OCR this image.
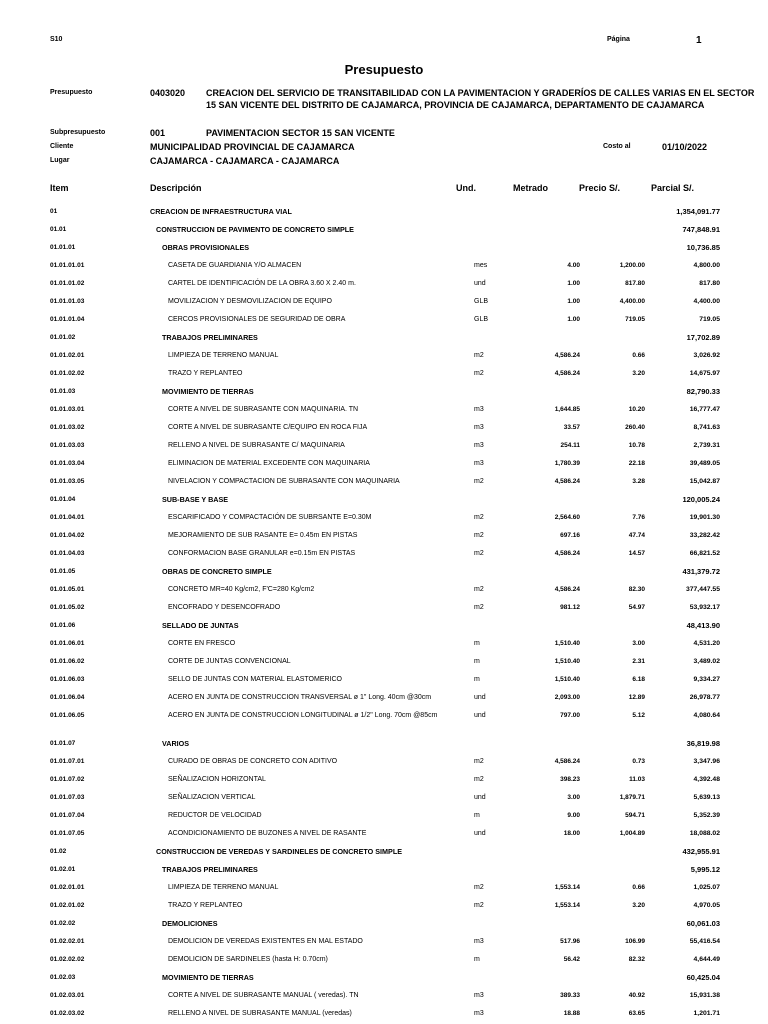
S10	Página	1
Presupuesto
Presupuesto	0403020 CREACION DEL SERVICIO DE TRANSITABILIDAD CON LA PAVIMENTACION Y GRADERÍOS DE CALLES VARIAS EN EL SECTOR
15 SAN VICENTE DEL DISTRITO DE CAJAMARCA, PROVINCIA DE CAJAMARCA, DEPARTAMENTO DE CAJAMARCA
Subpresupuesto	001	PAVIMENTACION SECTOR 15 SAN VICENTE
Cliente	MUNICIPALIDAD PROVINCIAL DE CAJAMARCA	Costo al	01/10/2022
Lugar	CAJAMARCA - CAJAMARCA - CAJAMARCA
Item	Descripción	Und.	Metrado	Precio S/.	Parcial S/.
01	CREACION DE INFRAESTRUCTURA VIAL				1,354,091.77
01.01	CONSTRUCCION DE PAVIMENTO DE CONCRETO SIMPLE				747,848.91
01.01.01	OBRAS PROVISIONALES				10,736.85
01.01.01.01	CASETA DE GUARDIANIA Y/O ALMACEN	mes	4.00	1,200.00	4,800.00
01.01.01.02	CARTEL DE IDENTIFICACIÓN DE LA OBRA 3.60 X 2.40 m.	und	1.00	817.80	817.80
01.01.01.03	MOVILIZACION Y DESMOVILIZACION DE EQUIPO	GLB	1.00	4,400.00	4,400.00
01.01.01.04	CERCOS PROVISIONALES DE SEGURIDAD DE OBRA	GLB	1.00	719.05	719.05
01.01.02	TRABAJOS PRELIMINARES				17,702.89
01.01.02.01	LIMPIEZA DE TERRENO MANUAL	m2	4,586.24	0.66	3,026.92
01.01.02.02	TRAZO Y REPLANTEO	m2	4,586.24	3.20	14,675.97
01.01.03	MOVIMIENTO DE TIERRAS				82,790.33
01.01.03.01	CORTE A NIVEL DE SUBRASANTE CON MAQUINARIA. TN	m3	1,644.85	10.20	16,777.47
01.01.03.02	CORTE A NIVEL DE SUBRASANTE C/EQUIPO EN ROCA FIJA	m3	33.57	260.40	8,741.63
01.01.03.03	RELLENO A NIVEL DE SUBRASANTE C/ MAQUINARIA	m3	254.11	10.78	2,739.31
01.01.03.04	ELIMINACION DE MATERIAL EXCEDENTE CON MAQUINARIA	m3	1,780.39	22.18	39,489.05
01.01.03.05	NIVELACION Y COMPACTACION DE SUBRASANTE CON MAQUINARIA	m2	4,586.24	3.28	15,042.87
01.01.04	SUB-BASE Y BASE				120,005.24
01.01.04.01	ESCARIFICADO Y COMPACTACIÓN DE SUBRSANTE E=0.30M	m2	2,564.60	7.76	19,901.30
01.01.04.02	MEJORAMIENTO DE SUB RASANTE E= 0.45m EN PISTAS	m2	697.16	47.74	33,282.42
01.01.04.03	CONFORMACION BASE GRANULAR e=0.15m EN PISTAS	m2	4,586.24	14.57	66,821.52
01.01.05	OBRAS DE CONCRETO SIMPLE				431,379.72
01.01.05.01	CONCRETO MR=40 Kg/cm2, F'C=280 Kg/cm2	m2	4,586.24	82.30	377,447.55
01.01.05.02	ENCOFRADO Y DESENCOFRADO	m2	981.12	54.97	53,932.17
01.01.06	SELLADO DE JUNTAS				48,413.90
01.01.06.01	CORTE EN FRESCO	m	1,510.40	3.00	4,531.20
01.01.06.02	CORTE DE JUNTAS CONVENCIONAL	m	1,510.40	2.31	3,489.02
01.01.06.03	SELLO DE JUNTAS CON MATERIAL ELASTOMERICO	m	1,510.40	6.18	9,334.27
01.01.06.04	ACERO EN JUNTA DE CONSTRUCCION TRANSVERSAL ø 1" Long. 40cm @30cm	und	2,093.00	12.89	26,978.77
01.01.06.05	ACERO EN JUNTA DE CONSTRUCCION LONGITUDINAL ø 1/2" Long. 70cm @85cm	und	797.00	5.12	4,080.64

01.01.07	VARIOS				36,819.98
01.01.07.01	CURADO DE OBRAS DE CONCRETO CON ADITIVO	m2	4,586.24	0.73	3,347.96
01.01.07.02	SEÑALIZACION HORIZONTAL	m2	398.23	11.03	4,392.48
01.01.07.03	SEÑALIZACION VERTICAL	und	3.00	1,879.71	5,639.13
01.01.07.04	REDUCTOR DE VELOCIDAD	m	9.00	594.71	5,352.39
01.01.07.05	ACONDICIONAMIENTO DE BUZONES A NIVEL DE RASANTE	und	18.00	1,004.89	18,088.02
01.02	CONSTRUCCION DE VEREDAS Y SARDINELES DE CONCRETO SIMPLE				432,955.91
01.02.01	TRABAJOS PRELIMINARES				5,995.12
01.02.01.01	LIMPIEZA DE TERRENO MANUAL	m2	1,553.14	0.66	1,025.07
01.02.01.02	TRAZO Y REPLANTEO	m2	1,553.14	3.20	4,970.05
01.02.02	DEMOLICIONES				60,061.03
01.02.02.01	DEMOLICION DE VEREDAS EXISTENTES EN MAL ESTADO	m3	517.96	106.99	55,416.54
01.02.02.02	DEMOLICION DE SARDINELES (hasta H: 0.70cm)	m	56.42	82.32	4,644.49
01.02.03	MOVIMIENTO DE TIERRAS				60,425.04
01.02.03.01	CORTE A NIVEL DE SUBRASANTE MANUAL ( veredas). TN	m3	389.33	40.92	15,931.38
01.02.03.02	RELLENO A NIVEL DE SUBRASANTE MANUAL (veredas)	m3	18.88	63.65	1,201.71
